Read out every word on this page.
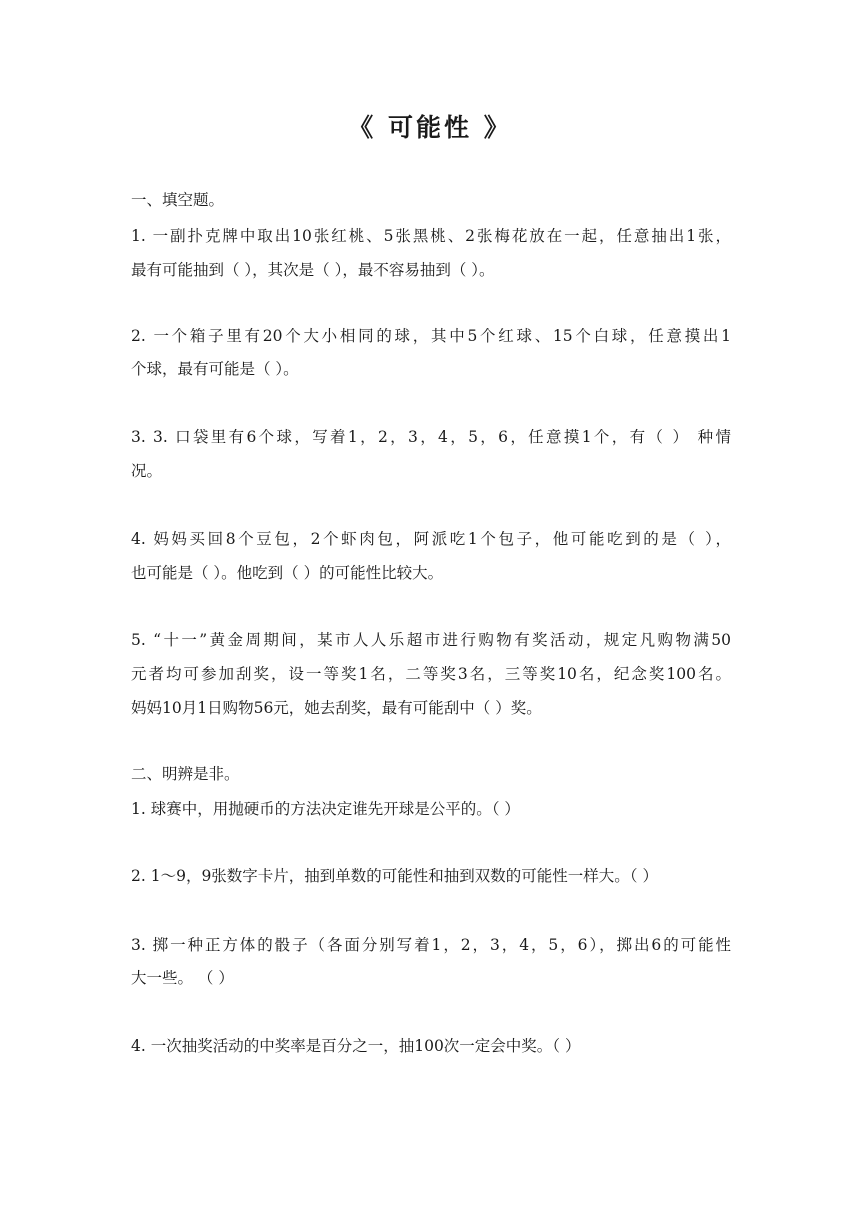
《 可能性 》
一、填空题。
1. 一副扑克牌中取出10张红桃、5张黑桃、2张梅花放在一起，任意抽出1张，
最有可能抽到（ ），其次是（ ），最不容易抽到（ ）。
2. 一个箱子里有20个大小相同的球，其中5个红球、15个白球，任意摸出1
个球，最有可能是（ ）。
3. 3. 口袋里有6个球，写着1，2，3，4，5，6，任意摸1个，有（ ） 种情
况。
4. 妈妈买回8个豆包，2个虾肉包，阿派吃1个包子，他可能吃到的是（ ），
也可能是（ ）。他吃到（ ）的可能性比较大。
5. “十一”黄金周期间，某市人人乐超市进行购物有奖活动，规定凡购物满50
元者均可参加刮奖，设一等奖1名，二等奖3名，三等奖10名，纪念奖100名。
妈妈10月1日购物56元，她去刮奖，最有可能刮中（ ）奖。
二、明辨是非。
1. 球赛中，用抛硬币的方法决定谁先开球是公平的。（ ）
2. 1～9，9张数字卡片，抽到单数的可能性和抽到双数的可能性一样大。（ ）
3. 掷一种正方体的骰子（各面分别写着1，2，3，4，5，6），掷出6的可能性
大一些。 （ ）
4. 一次抽奖活动的中奖率是百分之一，抽100次一定会中奖。（ ）
